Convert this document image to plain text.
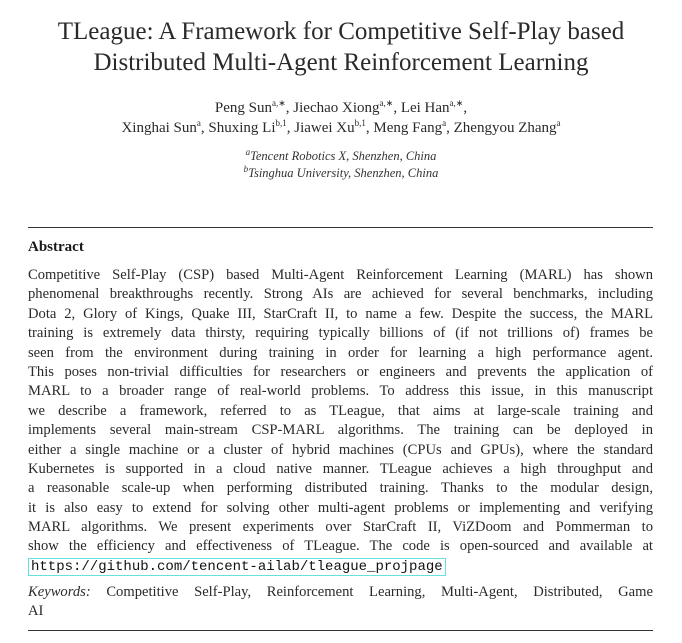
TLeague: A Framework for Competitive Self-Play based
Distributed Multi-Agent Reinforcement Learning
Peng Sun$^{a,∗}$, Jiechao Xiong$^{a,∗}$, Lei Han$^{a,∗}$,
Xinghai Sun$^a$, Shuxing Li$^{b,1}$, Jiawei Xu$^{b,1}$, Meng Fang$^a$, Zhengyou Zhang$^a$
$^a$Tencent Robotics X, Shenzhen, China
$^b$Tsinghua University, Shenzhen, China
Abstract
Competitive Self-Play (CSP) based Multi-Agent Reinforcement Learning (MARL) has shown
phenomenal breakthroughs recently. Strong AIs are achieved for several benchmarks, including
Dota 2, Glory of Kings, Quake III, StarCraft II, to name a few. Despite the success, the MARL
training is extremely data thirsty, requiring typically billions of (if not trillions of) frames be
seen from the environment during training in order for learning a high performance agent.
This poses non-trivial difficulties for researchers or engineers and prevents the application of
MARL to a broader range of real-world problems. To address this issue, in this manuscript
we describe a framework, referred to as TLeague, that aims at large-scale training and
implements several main-stream CSP-MARL algorithms. The training can be deployed in
either a single machine or a cluster of hybrid machines (CPUs and GPUs), where the standard
Kubernetes is supported in a cloud native manner. TLeague achieves a high throughput and
a reasonable scale-up when performing distributed training. Thanks to the modular design,
it is also easy to extend for solving other multi-agent problems or implementing and verifying
MARL algorithms. We present experiments over StarCraft II, ViZDoom and Pommerman to
show the efficiency and effectiveness of TLeague. The code is open-sourced and available at
https://github.com/tencent-ailab/tleague_projpage
Keywords: Competitive Self-Play, Reinforcement Learning, Multi-Agent, Distributed, Game
AI
